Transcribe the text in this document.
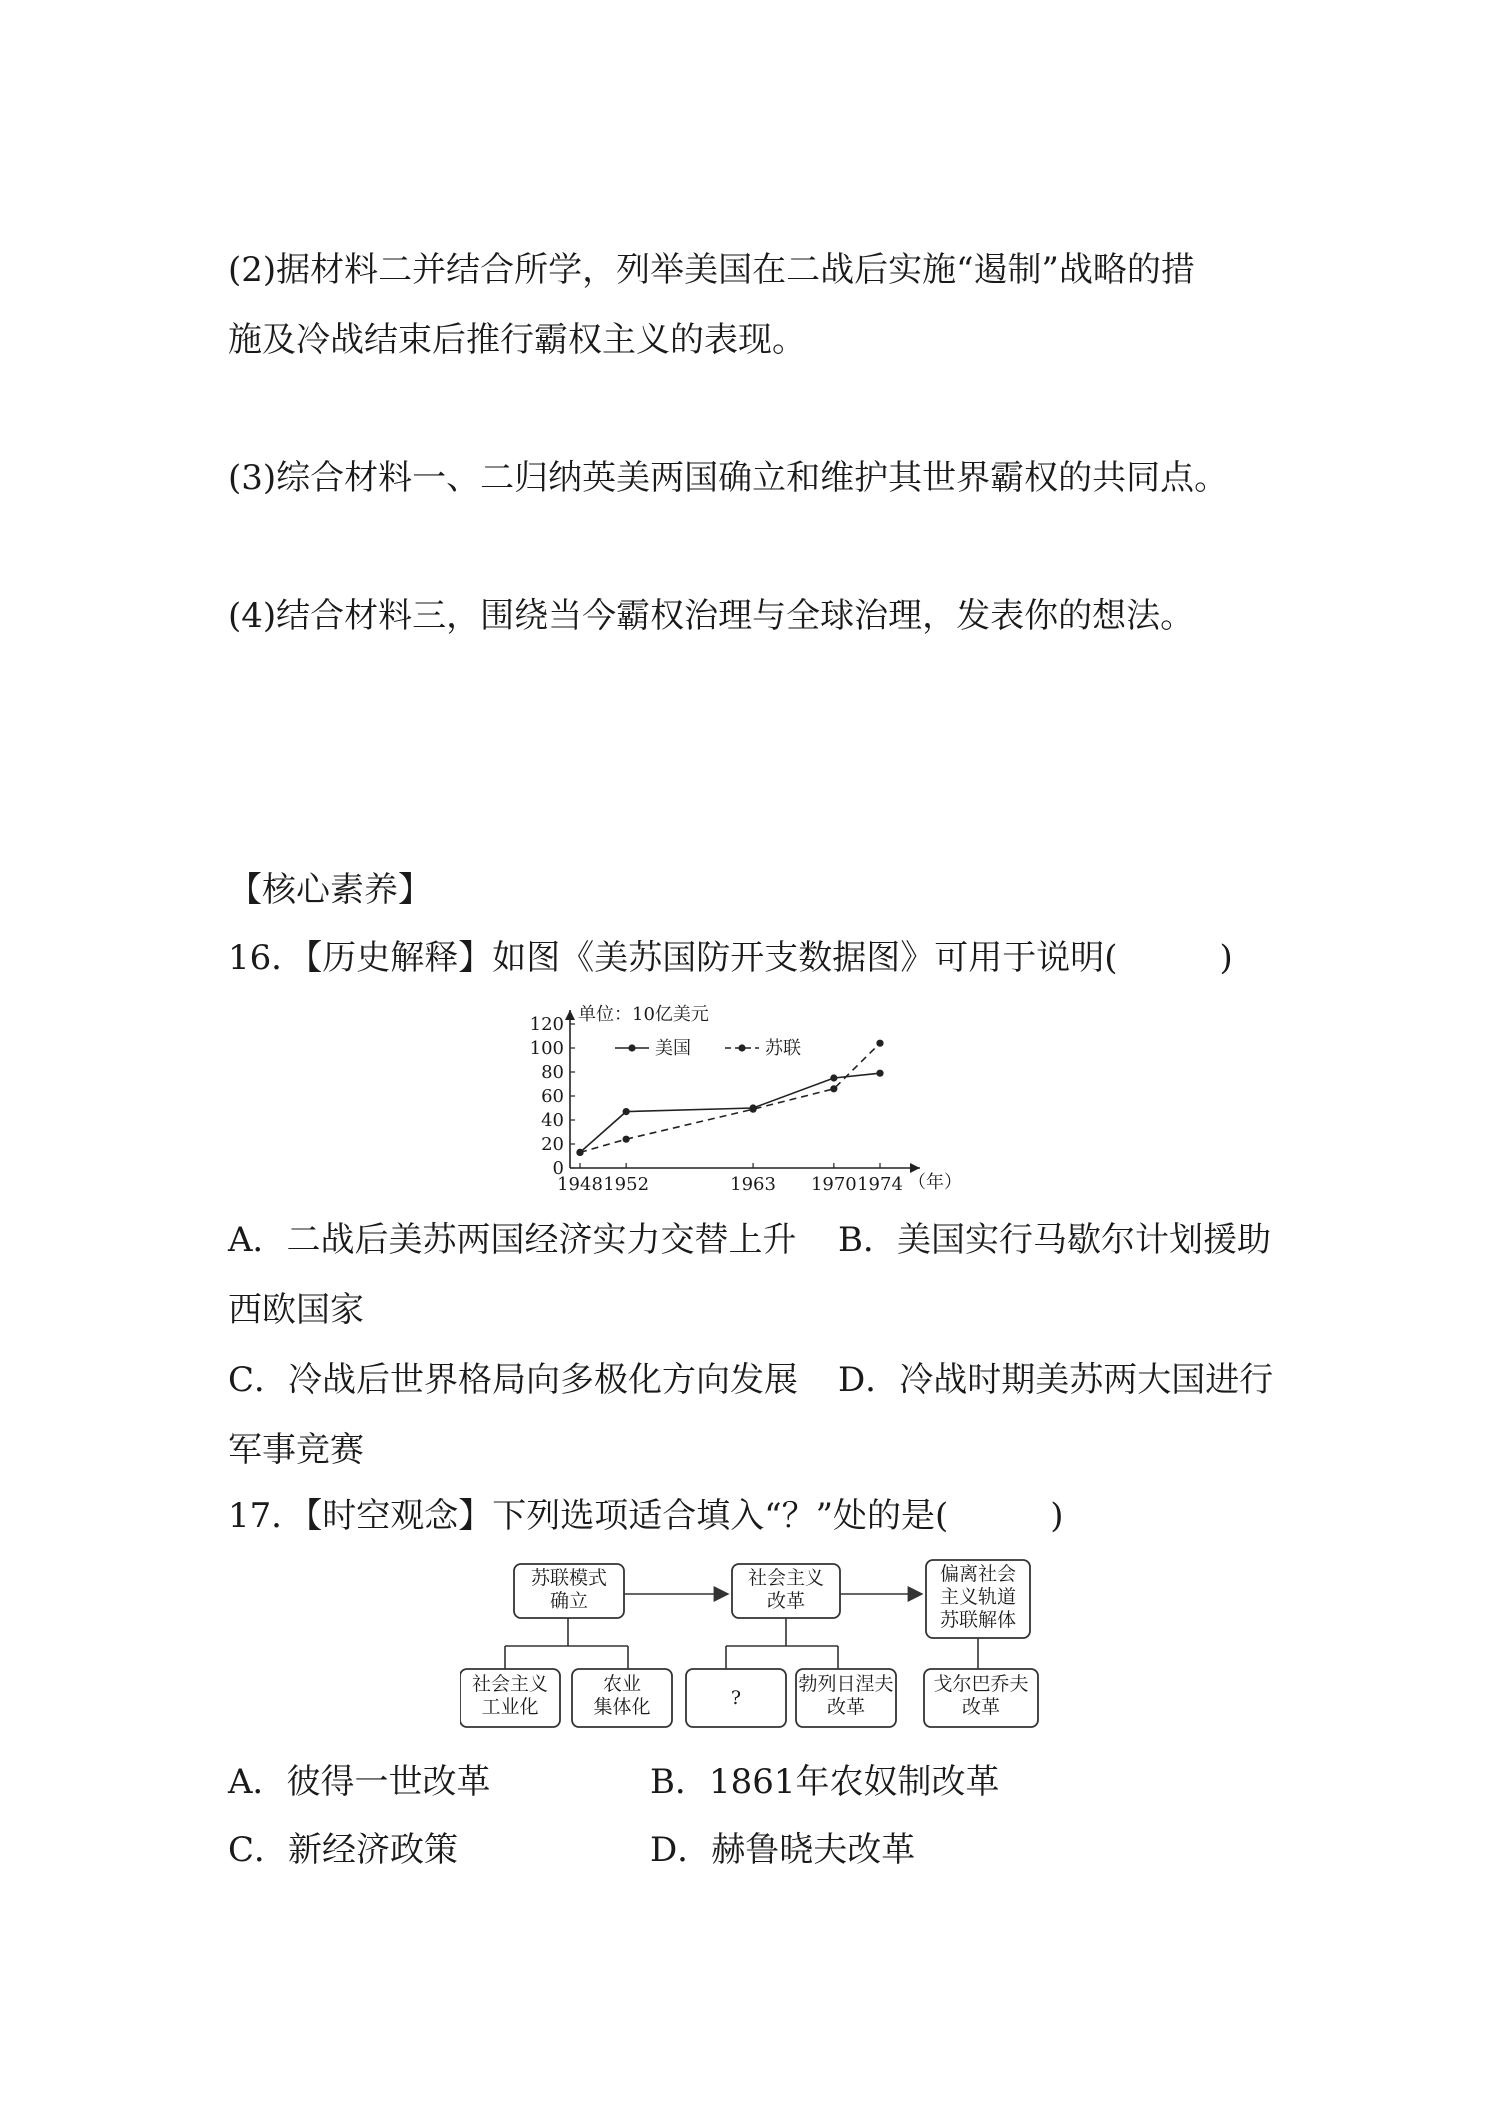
(2)据材料二并结合所学，列举美国在二战后实施“遏制”战略的措
施及冷战结束后推行霸权主义的表现。
(3)综合材料一、二归纳英美两国确立和维护其世界霸权的共同点。
(4)结合材料三，围绕当今霸权治理与全球治理，发表你的想法。
【核心素养】
16．【历史解释】如图《美苏国防开支数据图》可用于说明(　　　)
0
20
40
60
80
100
120
1948 1952	1963 1970 1974
美国	苏联
单位：10亿美元
（年）
A．二战后美苏两国经济实力交替上升 B．美国实行马歇尔计划援助
西欧国家
C．冷战后世界格局向多极化方向发展 D．冷战时期美苏两大国进行
军事竞赛
17．【时空观念】下列选项适合填入“？”处的是(　　　)
苏联模式确立
社会主义改革
偏离社会主义轨道苏联解体
社会主义工业化
农业集体化	?
勃列日涅夫改革
戈尔巴乔夫改革
A．彼得一世改革	B．1861年农奴制改革
C．新经济政策	D．赫鲁晓夫改革
